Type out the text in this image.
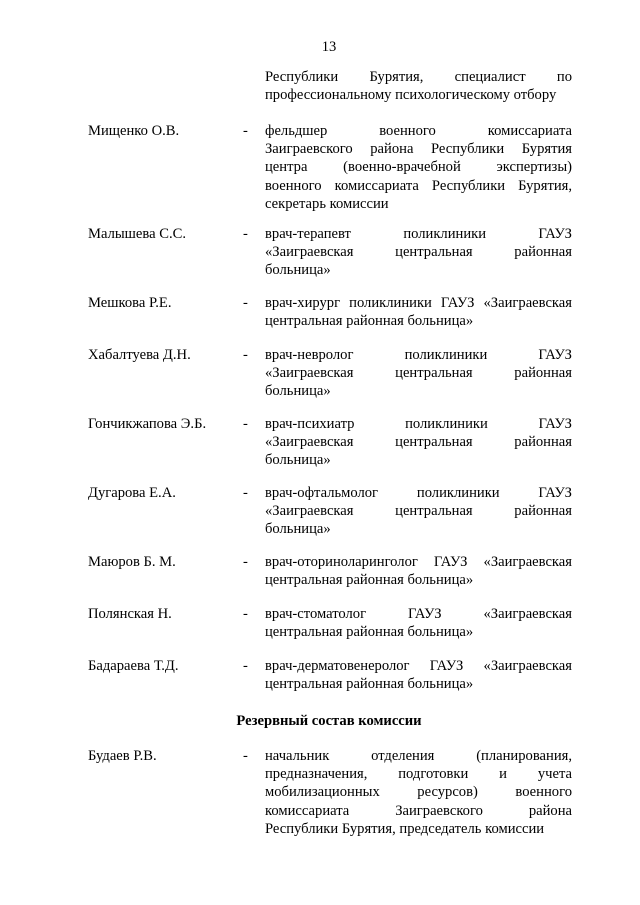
13
Республики Бурятия, специалист по
профессиональному психологическому отбору
Мищенко О.В.	- фельдшер военного комиссариата
Заиграевского района Республики Бурятия
центра (военно-врачебной экспертизы)
военного комиссариата Республики Бурятия,
секретарь комиссии
Малышева С.С.	- врач-терапевт поликлиники ГАУЗ
«Заиграевская центральная районная
больница»
Мешкова Р.Е.	- врач-хирург поликлиники ГАУЗ «Заиграевская
центральная районная больница»
Хабалтуева Д.Н.	- врач-невролог поликлиники ГАУЗ
«Заиграевская центральная районная
больница»
Гончикжапова Э.Б.	- врач-психиатр поликлиники ГАУЗ
«Заиграевская центральная районная
больница»
Дугарова Е.А.	- врач-офтальмолог поликлиники ГАУЗ
«Заиграевская центральная районная
больница»
Маюров Б. М.	- врач-оториноларинголог ГАУЗ «Заиграевская
центральная районная больница»
Полянская Н.	- врач-стоматолог ГАУЗ «Заиграевская
центральная районная больница»
Бадараева Т.Д.	- врач-дерматовенеролог ГАУЗ «Заиграевская
центральная районная больница»
Резервный состав комиссии
Будаев Р.В.	- начальник отделения (планирования,
предназначения, подготовки и учета
мобилизационных ресурсов) военного
комиссариата Заиграевского района
Республики Бурятия, председатель комиссии
